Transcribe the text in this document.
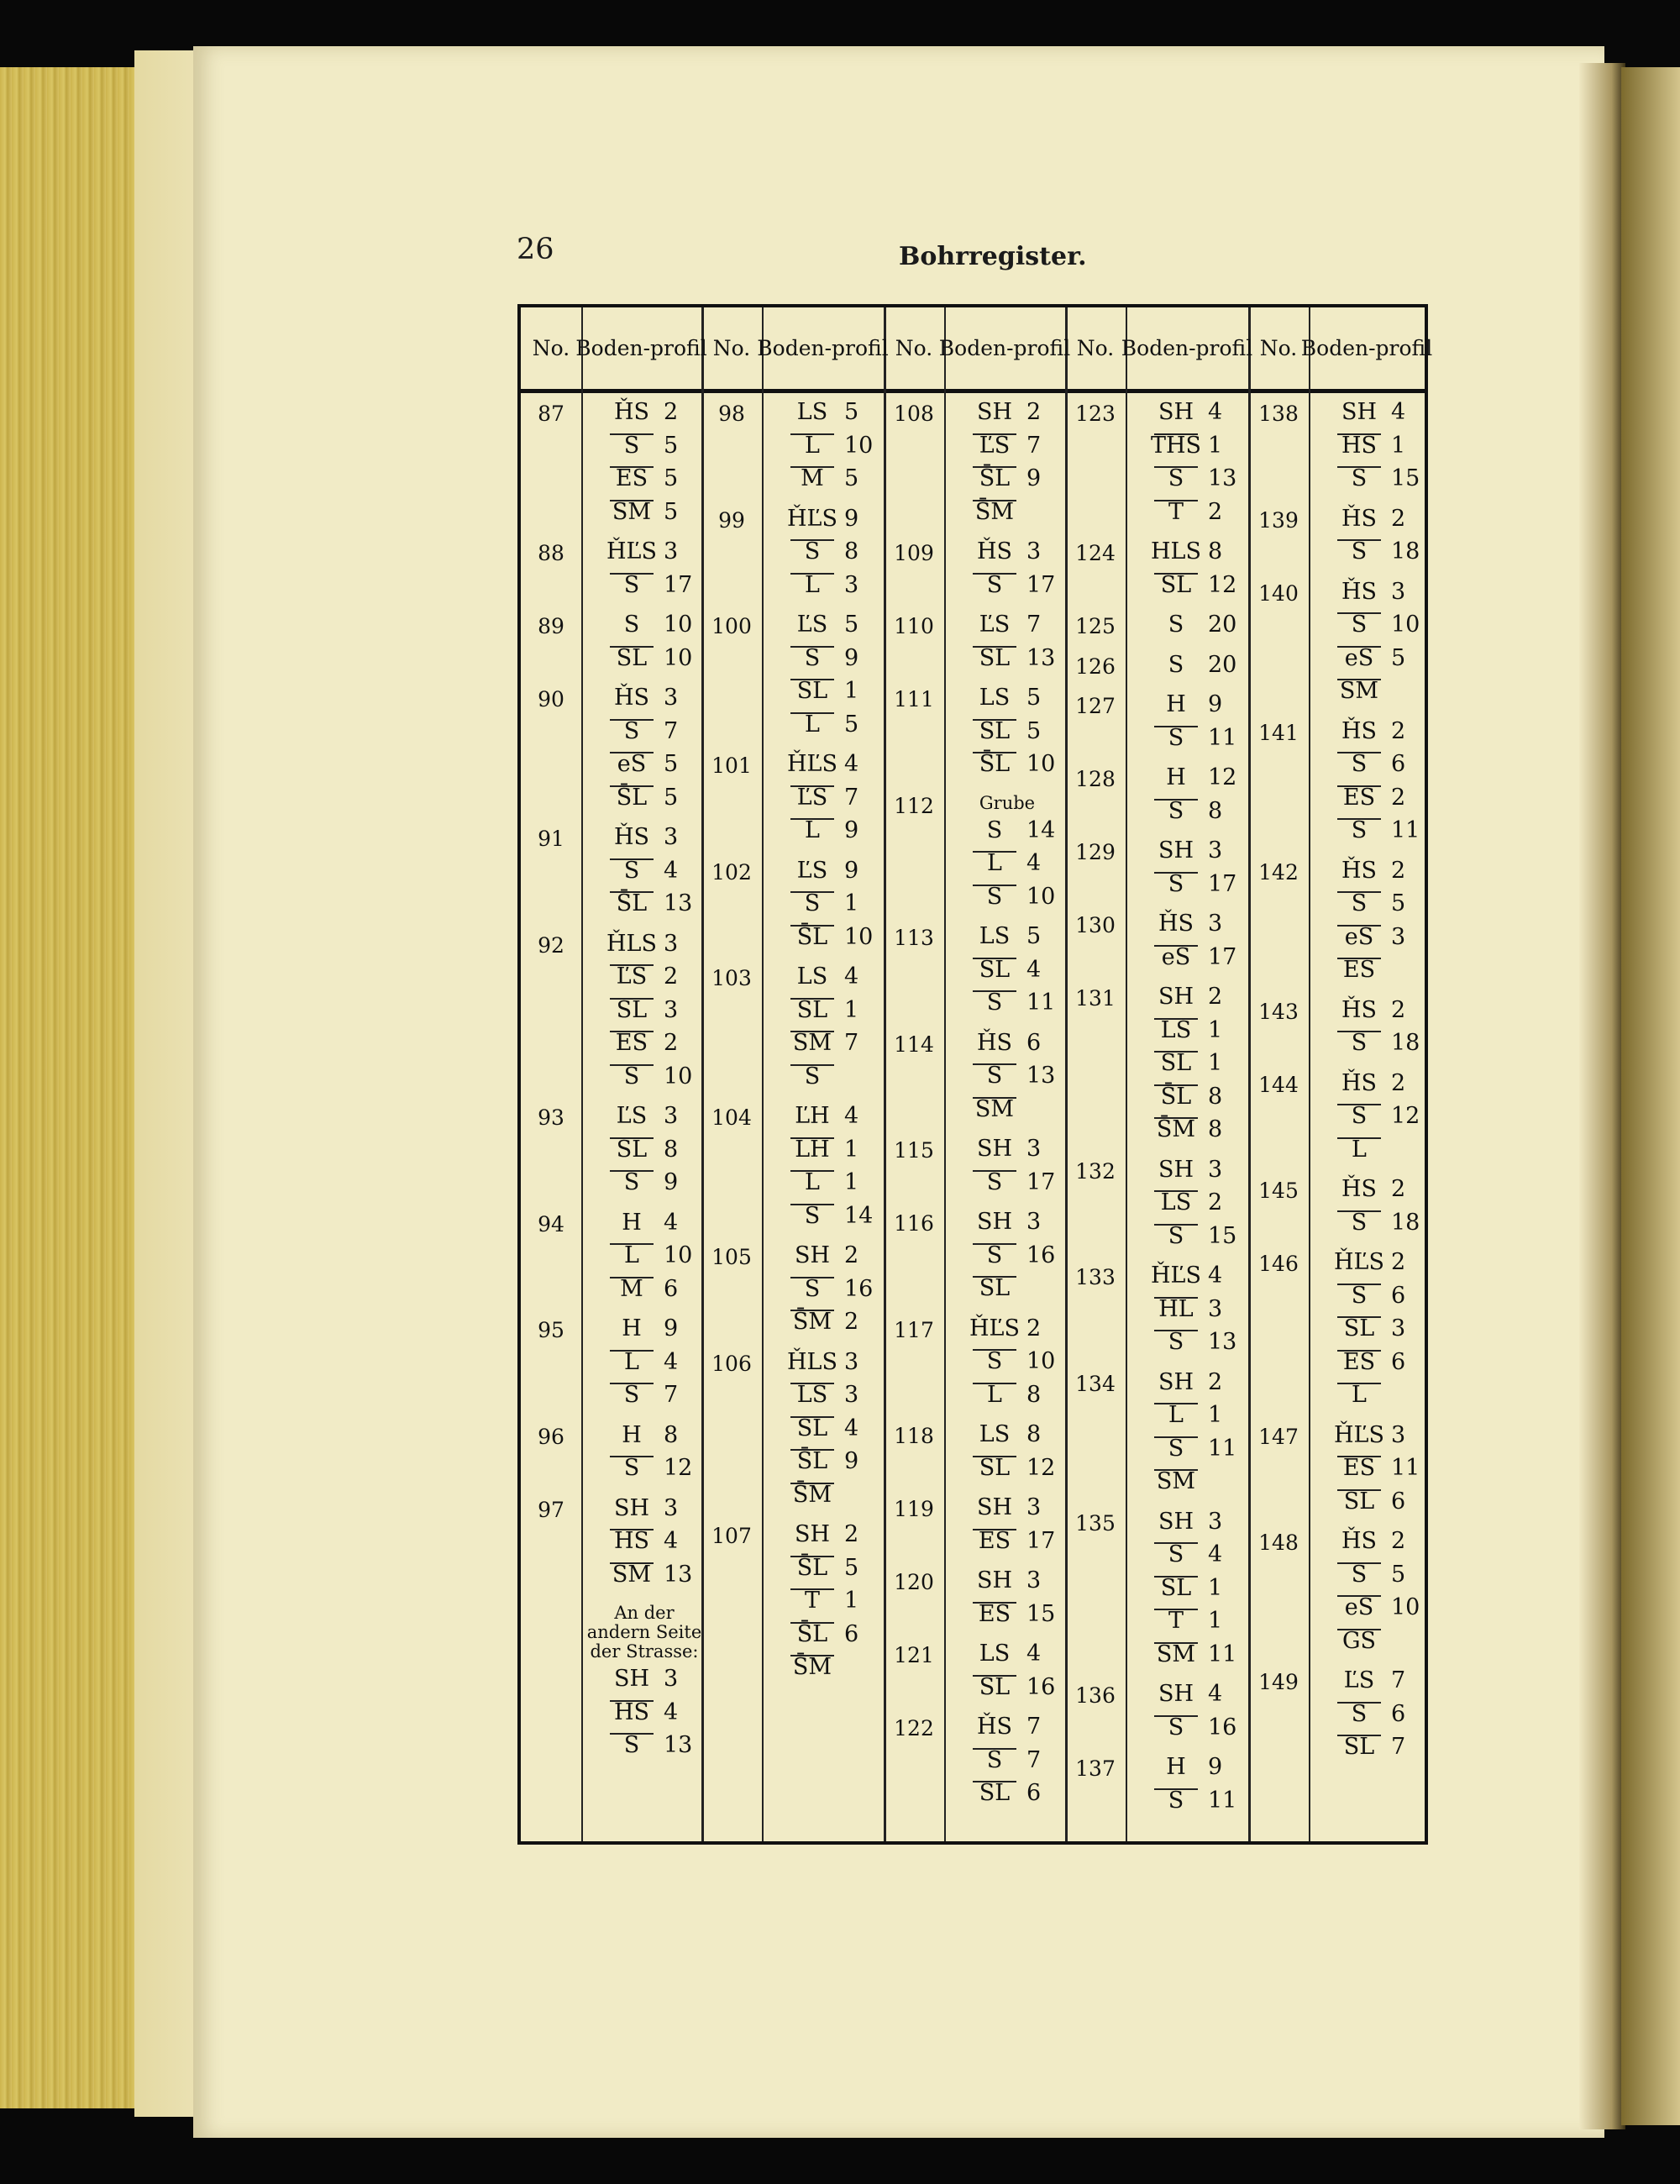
26	Bohrregister.
No. Boden- profil
87	ȞS 2
S	5
ES 5
SM 5
88	ȞĽS 3
S	17
89	S	10
SL 10
90	ȞS 3
S	7
eS 5
S̄L 5
91	ȞS 3
S	4
S̄L 13
92	ȞLS 3
ĽS 2
SL 3
ES 2
S	10
93	ĽS 3
SL 8
S	9
94	H 4
L	10
M 6
95	H 9
L	4
S	7
96	H 8
S	12
97	SH 3
HS 4
SM 13
An der
andern Seite
der Strasse:
SH 3
HS 4
S	13
No. Boden- profil
98	LS 5
L	10
M 5
99	ȞĽS 9
S	8
L	3
100	ĽS 5
S	9
SL 1
L	5
101	ȞĽS 4
ĽS 7
L	9
102	ĽS 9
S	1
S̄L 10
103	LS 4
SL 1
SM 7
S
104	ĽH 4
LH 1
L	1
S	14
105	SH 2
S	16
S̄M 2
106	ȞLS 3
LS 3
SL 4
S̄L 9
S̄M
107	SH 2
S̄L 5
T	1
S̄L 6
S̄M
No. Boden- profil
108	SH 2
ĽS 7
S̄L 9
S̄M
109	ȞS 3
S	17
110	ĽS 7
SL 13
111	LS 5
SL 5
S̄L 10
112	Grube
S	14
L	4
S	10
113	LS 5
SL 4
S	11
114	ȞS 6
S	13
SM
115	SH 3
S	17
116	SH 3
S	16
SL
117	ȞĽS 2
S	10
L	8
118	LS 8
SL 12
119	SH 3
ES 17
120	SH 3
ES 15
121	LS 4
SL 16
122	ȞS 7
S	7
SL 6
No. Boden- profil
123	SH 4
THS 1
S	13
T	2
124	HLS 8
SL 12
125	S	20
126	S	20
127	H 9
S	11
128	H 12
S	8
129	SH 3
S	17
130	ȞS 3
eS 17
131	SH 2
LS 1
SL 1
S̄L 8
S̄M 8
132	SH 3
LS 2
S	15
133	ȞĽS 4
HL 3
S	13
134	SH 2
L	1
S	11
SM
135	SH 3
S	4
SL 1
T	1
SM 11
136	SH 4
S	16
137	H 9
S	11
No. Boden- profil
138	SH 4
HS 1
S	15
139	ȞS 2
S	18
140	ȞS 3
S	10
eS 5
SM
141	ȞS 2
S	6
ES 2
S	11
142	ȞS 2
S	5
eS 3
ES
143	ȞS 2
S	18
144	ȞS 2
S	12
L
145	ȞS 2
S	18
146	ȞĽS 2
S	6
SL 3
ES 6
L
147	ȞĽS 3
ES 11
SL 6
148	ȞS 2
S	5
eS 10
GS
149	ĽS 7
S	6
SL 7
